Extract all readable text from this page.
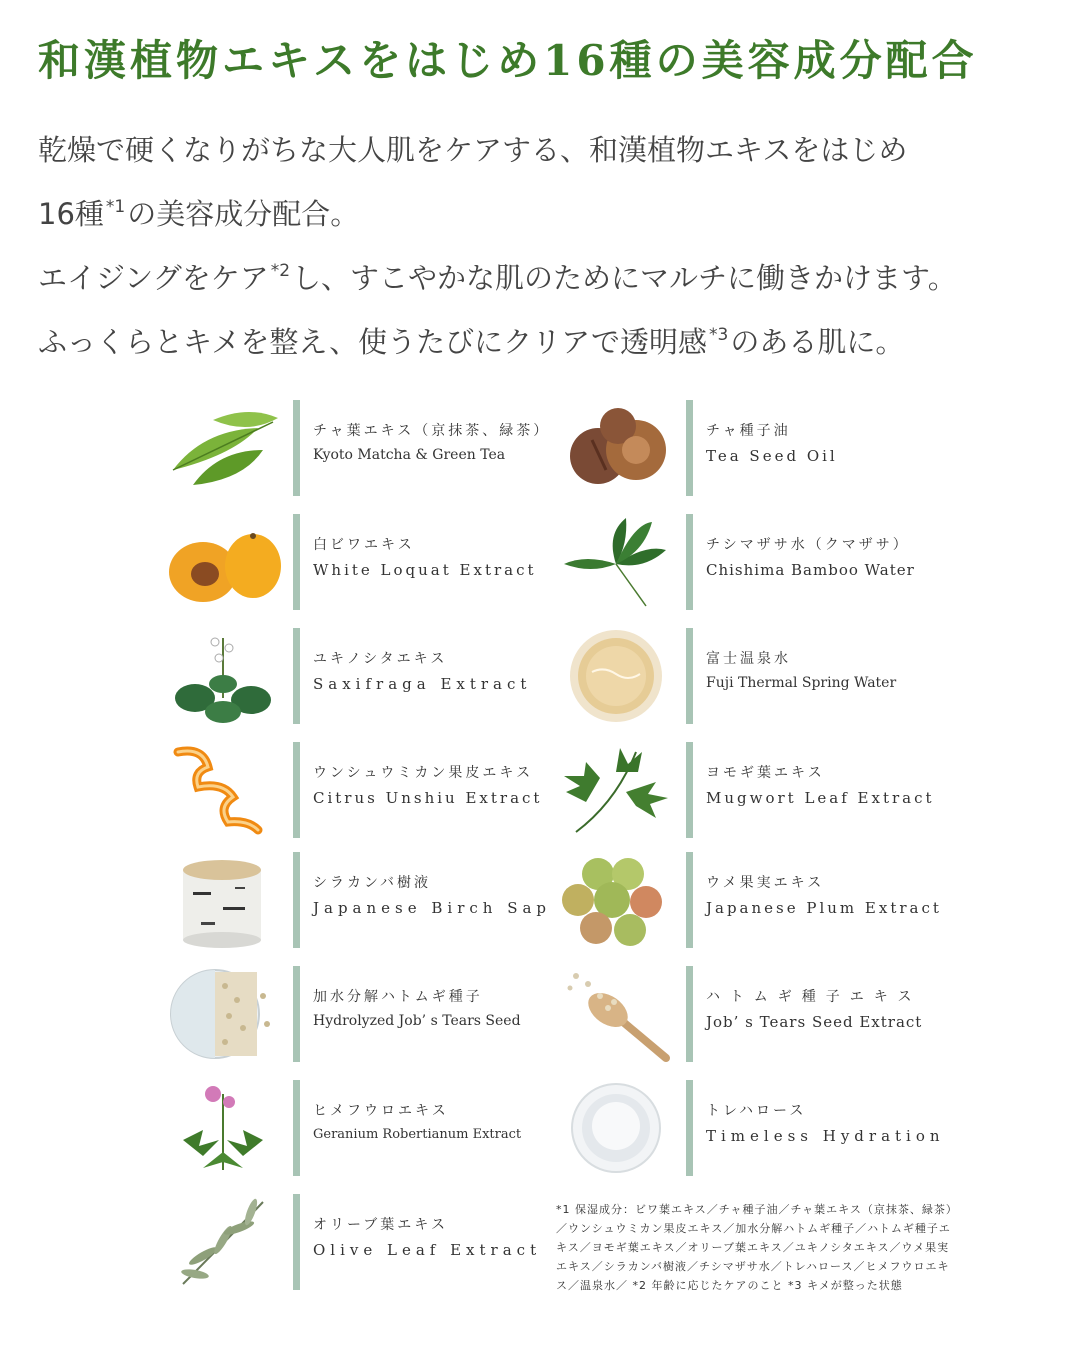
和漢植物エキスをはじめ16種の美容成分配合
乾燥で硬くなりがちな大人肌をケアする、和漢植物エキスをはじめ
16種 $^{*1}$の美容成分配合。
エイジングをケア $^{*2}$し、すこやかな肌のためにマルチに働きかけます。
ふっくらとキメを整え、使うたびにクリアで透明感 $^{*3}$のある肌に。
チャ葉エキス（京抹茶、緑茶）
Kyoto Matcha & Green Tea
白ビワエキス
White Loquat Extract
ユキノシタエキス
Saxifraga Extract
ウンシュウミカン果皮エキス
Citrus Unshiu Extract
シラカンバ樹液
Japanese Birch Sap
加水分解ハトムギ種子
Hydrolyzed Job’ s Tears Seed
ヒメフウロエキス
Geranium Robertianum Extract
オリーブ葉エキス
Olive Leaf Extract
チャ種子油
Tea Seed Oil
チシマザサ水（クマザサ）
Chishima Bamboo Water
富士温泉水
Fuji Thermal Spring Water
ヨモギ葉エキス
Mugwort Leaf Extract
ウメ果実エキス
Japanese Plum Extract
ハトムギ種子エキス
Job’ s Tears Seed Extract
トレハロース
Timeless Hydration
*1 保湿成分：ビワ葉エキス／チャ種子油／チャ葉エキス（京抹茶、緑茶）／ウンシュウミカン果皮エキス／加水分解ハトムギ種子／ハトムギ種子エキス／ヨモギ葉エキス／オリーブ葉エキス／ユキノシタエキス／ウメ果実エキス／シラカンバ樹液／チシマザサ水／トレハロース／ヒメフウロエキス／温泉水／ *2 年齢に応じたケアのこと *3 キメが整った状態
